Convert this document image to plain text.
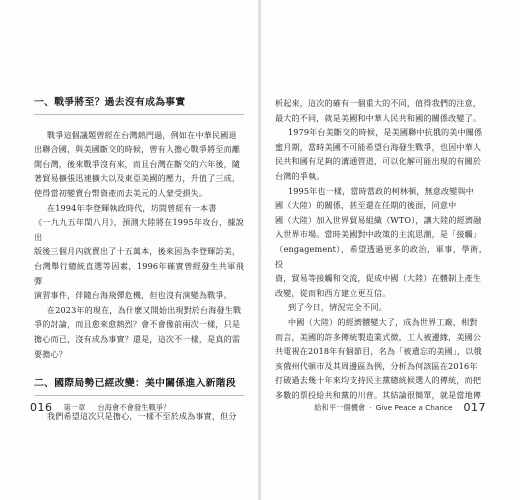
一、戰爭將至？過去沒有成為事實

戰爭這個議題曾經在台灣熱門過，例如在中華民國退
出聯合國，與美國斷交的時候，曾有人擔心戰爭將至而離
開台灣，後來戰爭沒有來，而且台灣在斷交的六年後，隨
著貿易擴張迅速擴大以及東亞美國的壓力，升值了三成，
使得當初變賣台幣資產而去美元的人蒙受損失。

在1994年李登輝執政時代，坊間曾經有一本書
《一九九五年閏八月》，預測大陸將在1995年攻台，據說出
版後三個月內就賣出了十五萬本，後來因為李登輝訪美，
台灣舉行總統直選等因素，1996年確實曾經發生共軍飛彈
演習事件，伴隨台海飛彈危機，但也沒有演變為戰爭。

在2023年的現在，為什麼又開始出現對於台海發生戰
爭的討論，而且愈來愈熱烈？會不會像前兩次一樣，只是
擔心而已，沒有成為事實？還是，這次不一樣，是真的需
要擔心？

二、國際局勢已經改變：美中關係進入新階段

我們希望這次只是擔心，一樣不至於成為事實，但分

016 第一章 台海會不會發生戰爭？

析起來，這次的確有一個重大的不同，值得我們的注意，
最大的不同，就是美國和中華人民共和國的關係改變了。

1979年台美斷交的時候，是美國聯中抗俄的美中關係
蜜月期，當時美國不可能希望台海發生戰爭，也因中華人
民共和國有足夠的溝通管道，可以化解可能出現的有關於
台灣的爭執。

1995年也一樣，當時當政的柯林頓，無意改變與中
國（大陸）的關係，甚至還在任期的後面，同意中
國（大陸）加入世界貿易組織（WTO），讓大陸的經濟融
入世界市場。當時美國對中政策的主流思潮，是「接觸」
（engagement），希望透過更多的政治，軍事，學術，投
資，貿易等接觸和交流，促成中國（大陸）在體制上產生
改變，從而和西方建立更互信。

到了今日，情況完全不同。

中國（大陸）的經濟體變大了，成為世界工廠，相對
而言，美國的許多傳統製造業式微，工人被邊緣，美國公
共電視在2018年有個節目，名為「被遺忘的美國」，以俄
亥俄州代頓市及其周邊區為例，分析為何該區在2016年
打破過去幾十年來均支持民主黨總統候選人的傳統，而把
多數的票投給共和黨的川普。其結論很簡單，就是當地傳

給和平一個機會 · Give Peace a Chance 017
